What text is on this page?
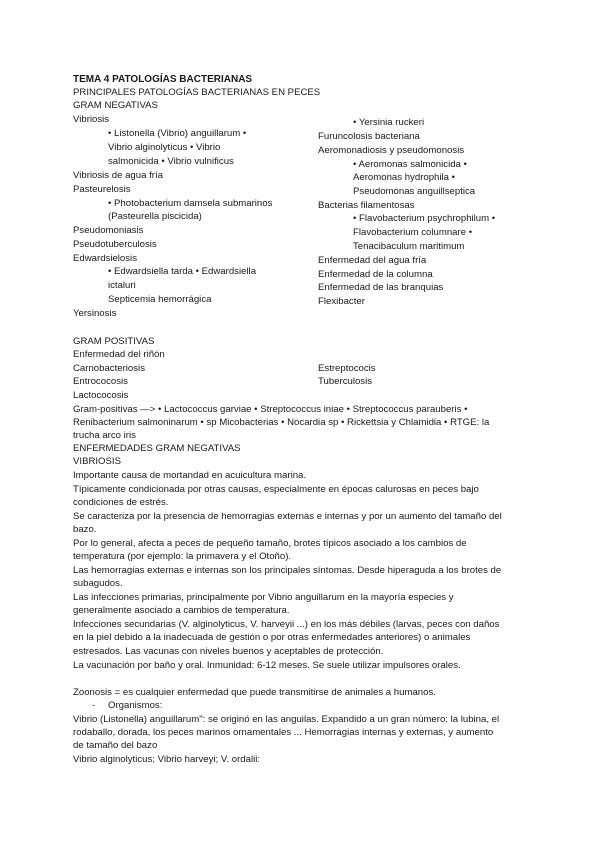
TEMA 4 PATOLOGÍAS BACTERIANAS
PRINCIPALES PATOLOGÍAS BACTERIANAS EN PECES
GRAM NEGATIVAS
Vibriosis
• Listonella (Vibrio) anguillarum •
Vibrio alginolyticus • Vibrio
salmonicida • Vibrio vulnificus
Vibriosis de agua fría
Pasteurelosis
• Photobacterium damsela submarinos
(Pasteurella piscicida)
Pseudomoniasis
Pseudotuberculosis
Edwardsielosis
• Edwardsiella tarda • Edwardsiella
ictaluri
Septicemia hemorrágica
Yersinosis
• Yersinia ruckeri
Furuncolosis bacteriana
Aeromonadiosis y pseudomonosis
• Aeromonas salmonicida •
Aeromonas hydrophila •
Pseudomonas anguillseptica
Bacterias filamentosas
• Flavobacterium psychrophilum •
Flavobacterium columnare •
Tenacibaculum maritimum
Enfermedad del agua fría
Enfermedad de la columna
Enfermedad de las branquias
Flexibacter
GRAM POSITIVAS
Enfermedad del riñón
Carnobacteriosis
Entrococosis
Lactococosis
Estreptococis
Tuberculosis
Gram-positivas —> • Lactococcus garviae • Streptococcus iniae • Streptococcus parauberis •
Renibacterium salmoninarum • sp Micobacterias • Nocardia sp • Rickettsia y Chlamidia • RTGE: la
trucha arco iris
ENFERMEDADES GRAM NEGATIVAS
VIBRIOSIS
Importante causa de mortandad en acuicultura marina.
Típicamente condicionada por otras causas, especialmente en épocas calurosas en peces bajo
condiciones de estrés.
Se caracteriza por la presencia de hemorragias externas e internas y por un aumento del tamaño del
bazo.
Por lo general, afecta a peces de pequeño tamaño, brotes típicos asociado a los cambios de
temperatura (por ejemplo: la primavera y el Otoño).
Las hemorragias externas e internas son los principales síntomas. Desde hiperaguda a los brotes de
subagudos.
Las infecciones primarias, principalmente por Vibrio anguillarum en la mayoría especies y
generalmente asociado a cambios de temperatura.
Infecciones secundarias (V. alginolyticus, V. harveyii ...) en los más débiles (larvas, peces con daños
en la piel debido a la inadecuada de gestión o por otras enfermedades anteriores) o animales
estresados. Las vacunas con niveles buenos y aceptables de protección.
La vacunación por baño y oral. Inmunidad: 6-12 meses. Se suele utilizar impulsores orales.
Zoonosis = es cualquier enfermedad que puede transmitirse de animales a humanos.
- Organismos:
Vibrio (Listonella) anguillarum": se originó en las anguilas. Expandido a un gran número: la lubina, el
rodaballo, dorada, los peces marinos ornamentales ... Hemorragias internas y externas, y aumento
de tamaño del bazo
Vibrio alginolyticus; Vibrio harveyi; V. ordalii:
